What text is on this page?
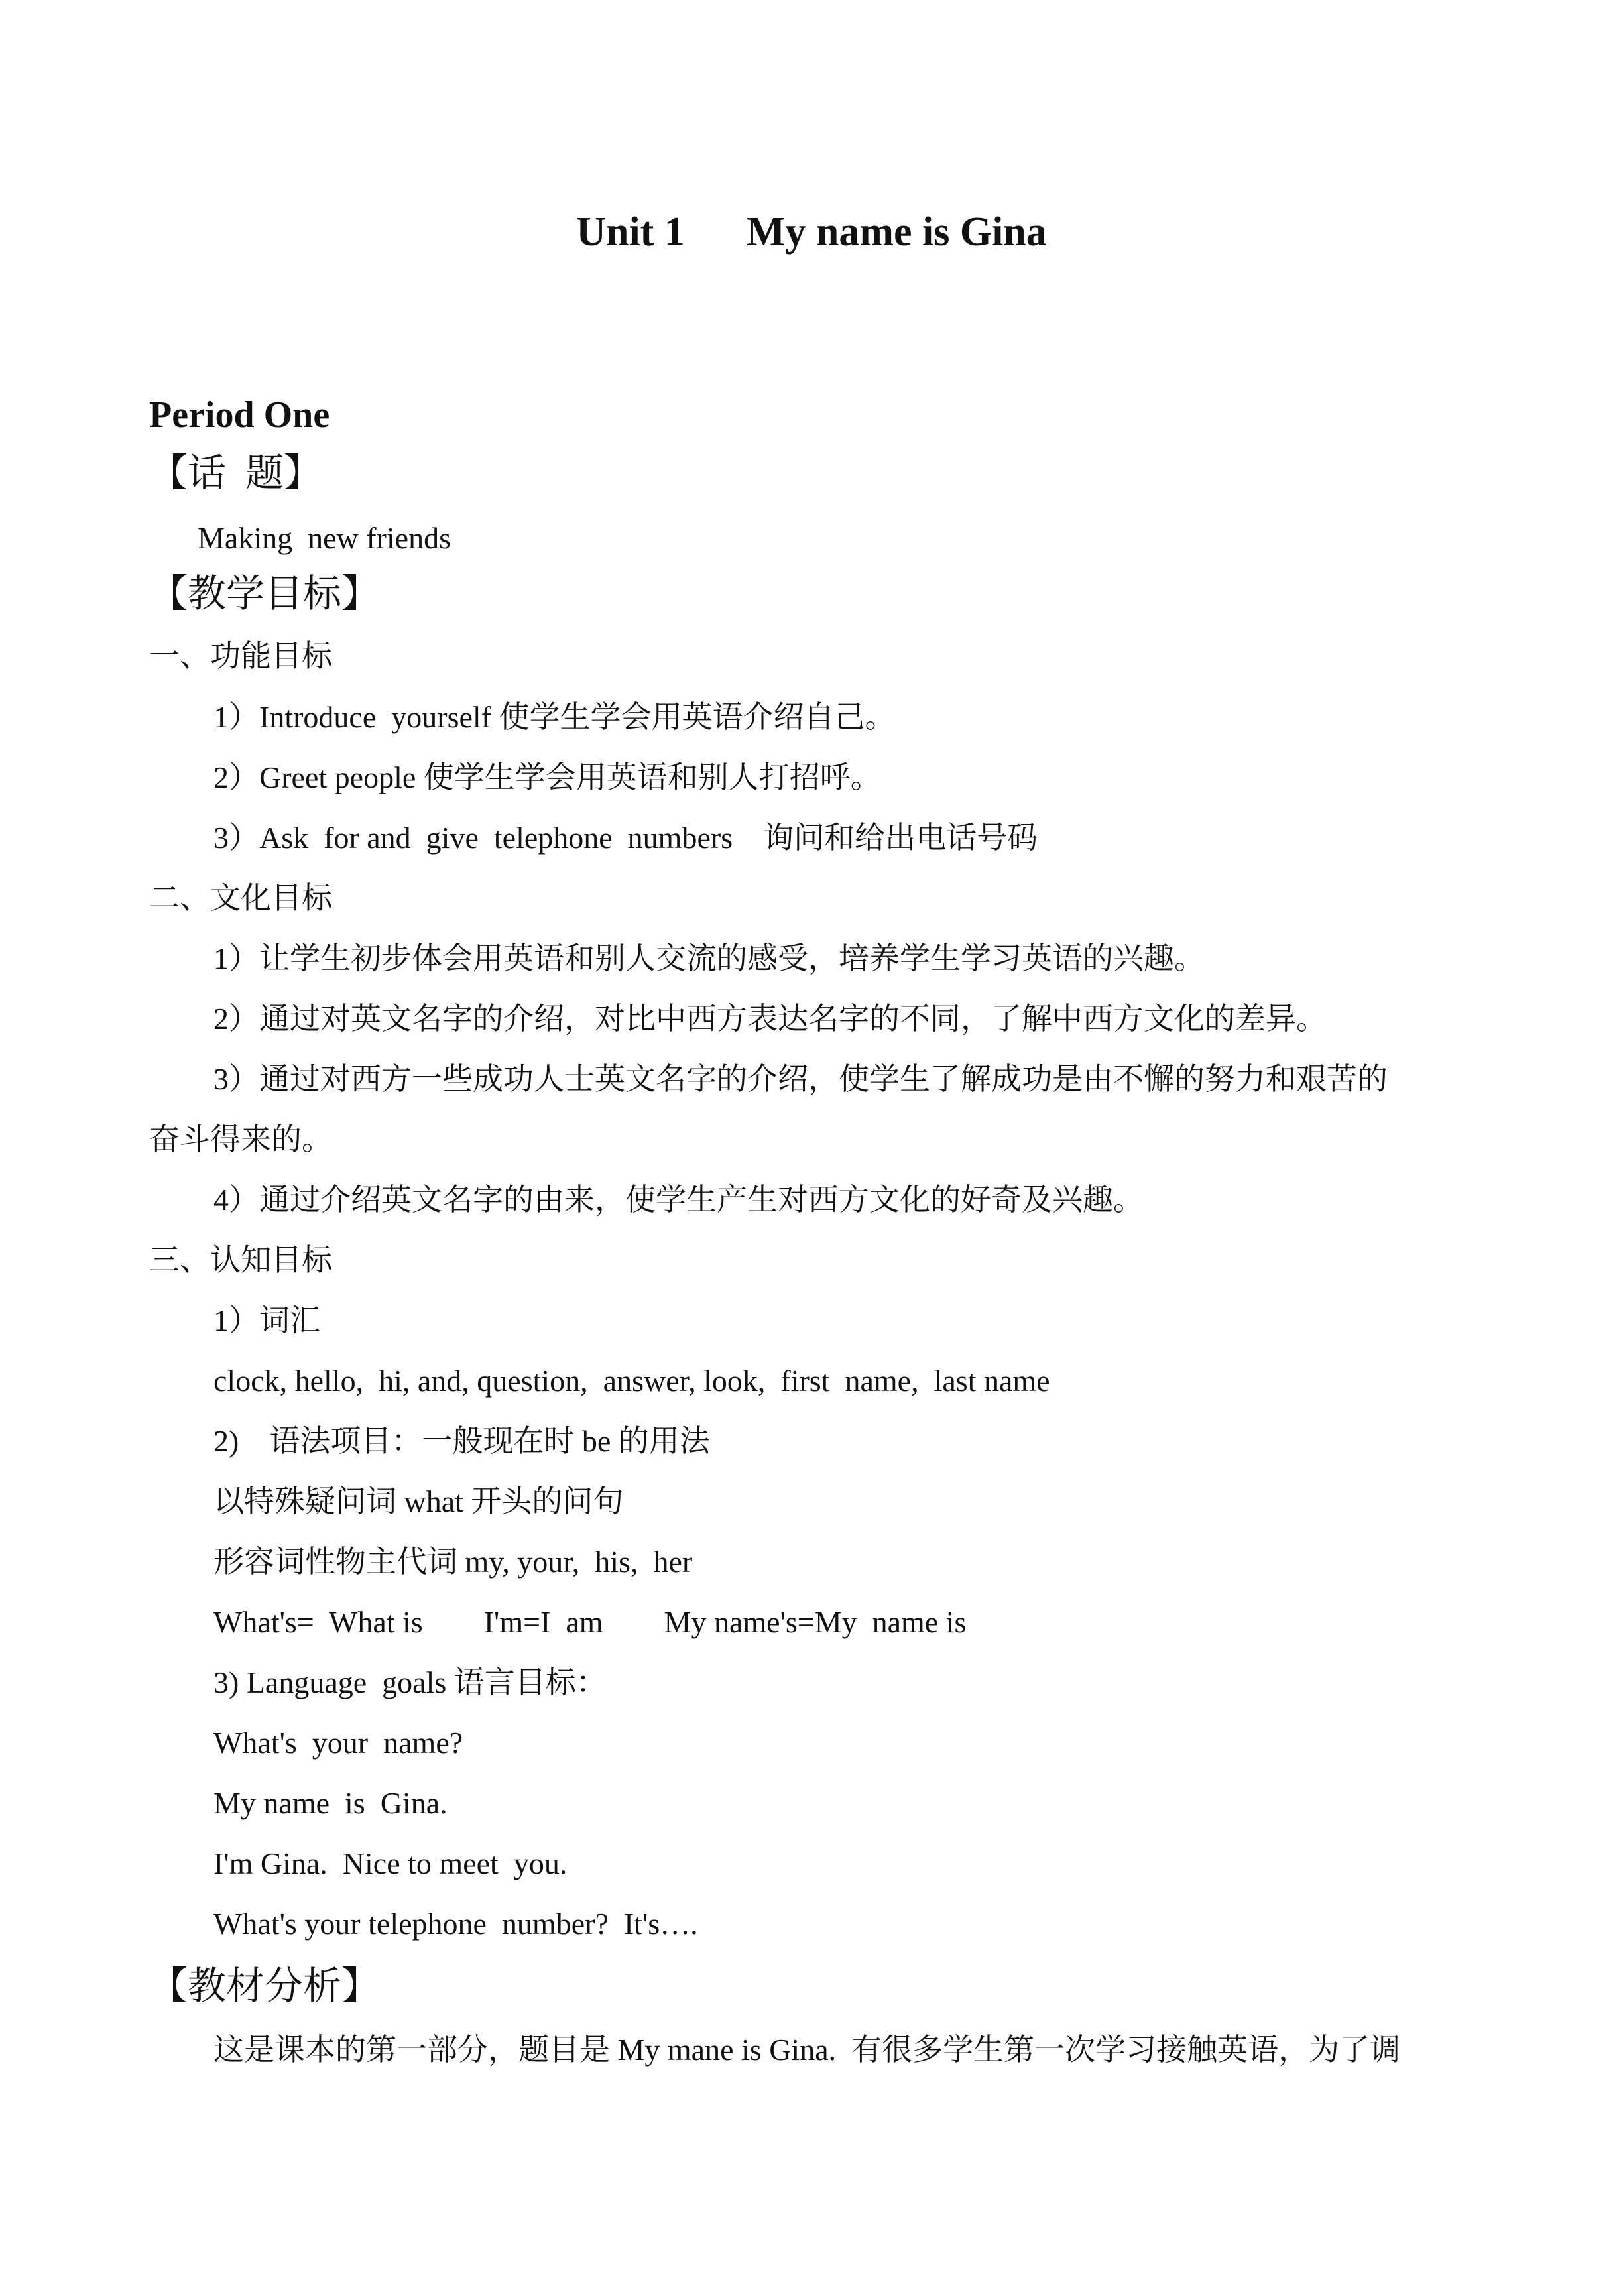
Unit 1      My name is Gina
Period One
【话  题】
Making  new friends
【教学目标】
一、功能目标
1）Introduce  yourself 使学生学会用英语介绍自己。
2）Greet people 使学生学会用英语和别人打招呼。
3）Ask  for and  give  telephone  numbers    询问和给出电话号码
二、文化目标
1）让学生初步体会用英语和别人交流的感受，培养学生学习英语的兴趣。
2）通过对英文名字的介绍，对比中西方表达名字的不同，了解中西方文化的差异。
3）通过对西方一些成功人士英文名字的介绍，使学生了解成功是由不懈的努力和艰苦的
奋斗得来的。
4）通过介绍英文名字的由来，使学生产生对西方文化的好奇及兴趣。
三、认知目标
1）词汇
clock, hello,  hi, and, question,  answer, look,  first  name,  last name
2)    语法项目：一般现在时 be 的用法
以特殊疑问词 what 开头的问句
形容词性物主代词 my, your,  his,  her
What's=  What is        I'm=I  am        My name's=My  name is
3) Language  goals 语言目标：
What's  your  name?
My name  is  Gina.
I'm Gina.  Nice to meet  you.
What's your telephone  number?  It's….
【教材分析】
这是课本的第一部分，题目是 My mane is Gina.  有很多学生第一次学习接触英语，为了调
